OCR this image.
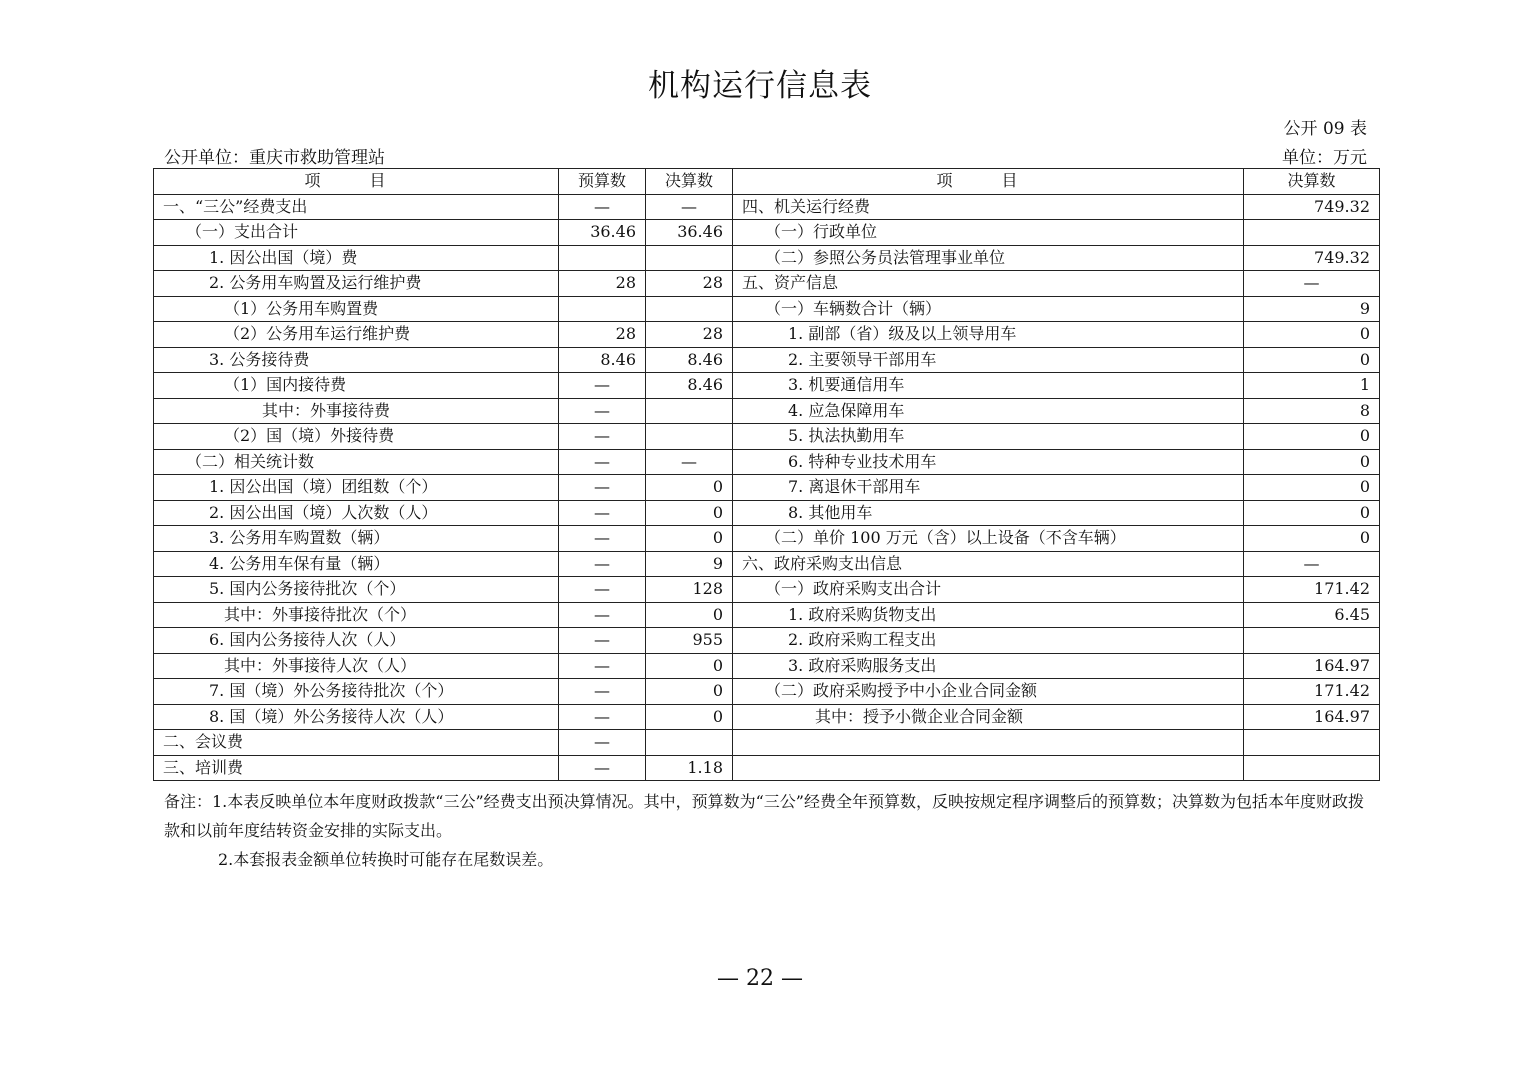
机构运行信息表
公开 09 表
公开单位：重庆市救助管理站	单位：万元
项 目	预算数	决算数	项 目	决算数
一、“三公”经费支出	—	—	四、机关运行经费	749.32
（一）支出合计	36.46	36.46	（一）行政单位	
1. 因公出国（境）费			（二）参照公务员法管理事业单位	749.32
2. 公务用车购置及运行维护费	28	28	五、资产信息	—
（1）公务用车购置费			（一）车辆数合计（辆）	9
（2）公务用车运行维护费	28	28	1. 副部（省）级及以上领导用车	0
3. 公务接待费	8.46	8.46	2. 主要领导干部用车	0
（1）国内接待费	—	8.46	3. 机要通信用车	1
其中：外事接待费	—		4. 应急保障用车	8
（2）国（境）外接待费	—		5. 执法执勤用车	0
（二）相关统计数	—	—	6. 特种专业技术用车	0
1. 因公出国（境）团组数（个）	—	0	7. 离退休干部用车	0
2. 因公出国（境）人次数（人）	—	0	8. 其他用车	0
3. 公务用车购置数（辆）	—	0	（二）单价 100 万元（含）以上设备（不含车辆）	0
4. 公务用车保有量（辆）	—	9	六、政府采购支出信息	—
5. 国内公务接待批次（个）	—	128	（一）政府采购支出合计	171.42
其中：外事接待批次（个）	—	0	1. 政府采购货物支出	6.45
6. 国内公务接待人次（人）	—	955	2. 政府采购工程支出	
其中：外事接待人次（人）	—	0	3. 政府采购服务支出	164.97
7. 国（境）外公务接待批次（个）	—	0	（二）政府采购授予中小企业合同金额	171.42
8. 国（境）外公务接待人次（人）	—	0	其中：授予小微企业合同金额	164.97
二、会议费	—			
三、培训费	—	1.18		

备注：1.本表反映单位本年度财政拨款“三公”经费支出预决算情况。其中，预算数为“三公”经费全年预算数，反映按规定程序调整后的预算数；决算数为包括本年度财政拨款和以前年度结转资金安排的实际支出。

2.本套报表金额单位转换时可能存在尾数误差。

— 22 —
